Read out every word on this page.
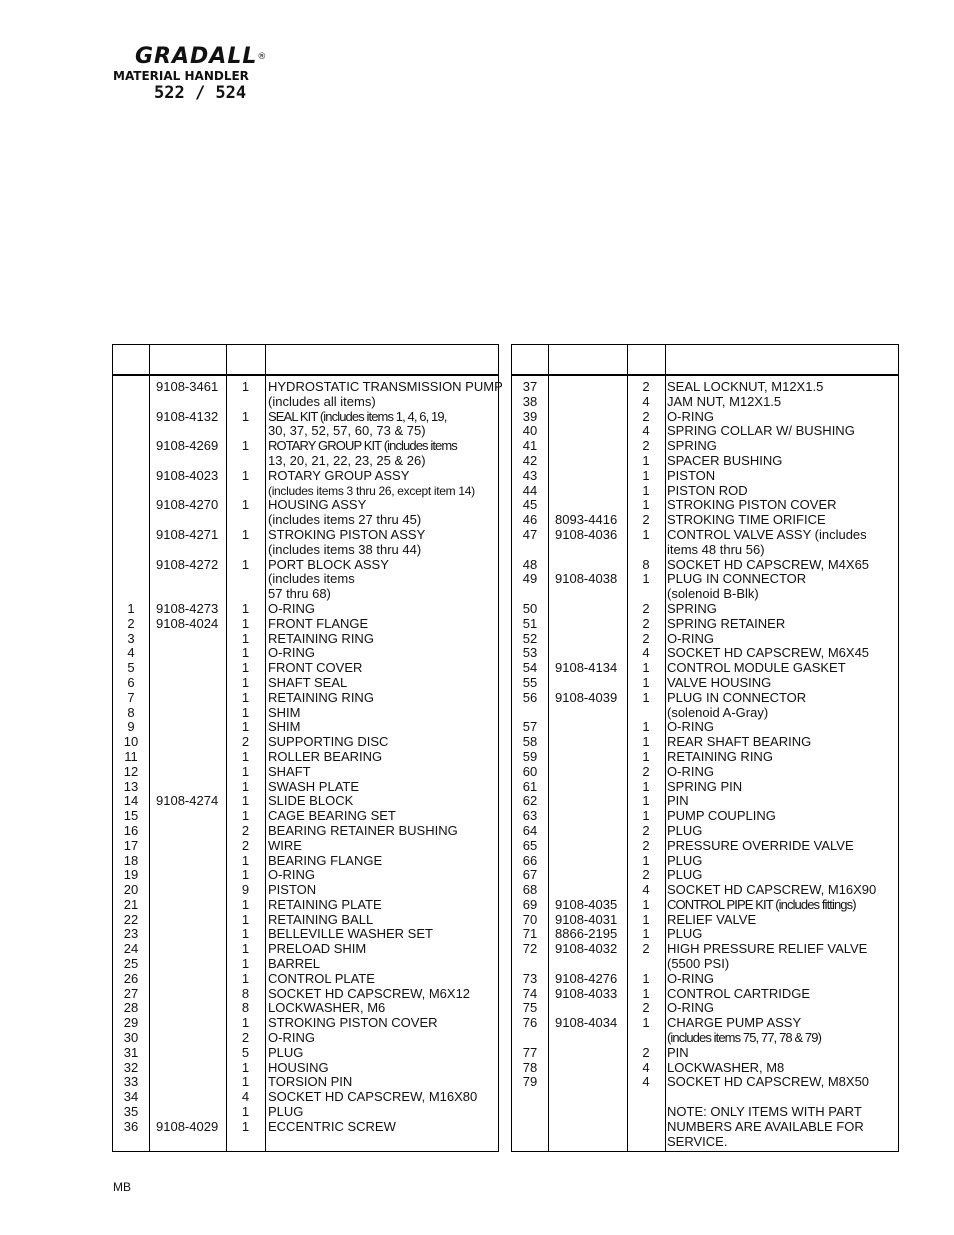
GRADALL®
MATERIAL HANDLER
522 / 524
9108-3461	1	HYDROSTATIC TRANSMISSION PUMP
(includes all items)
9108-4132	1	SEAL KIT (includes items 1, 4, 6, 19,
30, 37, 52, 57, 60, 73 & 75)
9108-4269	1	ROTARY GROUP KIT (includes items
13, 20, 21, 22, 23, 25 & 26)
9108-4023	1	ROTARY GROUP ASSY
(includes items 3 thru 26, except item 14)
9108-4270	1	HOUSING ASSY
(includes items 27 thru 45)
9108-4271	1	STROKING PISTON ASSY
(includes items 38 thru 44)
9108-4272	1	PORT BLOCK ASSY
(includes items
57 thru 68)
1	9108-4273	1	O-RING
2	9108-4024	1	FRONT FLANGE
3	1	RETAINING RING
4	1	O-RING
5	1	FRONT COVER
6	1	SHAFT SEAL
7	1	RETAINING RING
8	1	SHIM
9	1	SHIM
10	2	SUPPORTING DISC
11	1	ROLLER BEARING
12	1	SHAFT
13	1	SWASH PLATE
14	9108-4274	1	SLIDE BLOCK
15	1	CAGE BEARING SET
16	2	BEARING RETAINER BUSHING
17	2	WIRE
18	1	BEARING FLANGE
19	1	O-RING
20	9	PISTON
21	1	RETAINING PLATE
22	1	RETAINING BALL
23	1	BELLEVILLE WASHER SET
24	1	PRELOAD SHIM
25	1	BARREL
26	1	CONTROL PLATE
27	8	SOCKET HD CAPSCREW, M6X12
28	8	LOCKWASHER, M6
29	1	STROKING PISTON COVER
30	2	O-RING
31	5	PLUG
32	1	HOUSING
33	1	TORSION PIN
34	4	SOCKET HD CAPSCREW, M16X80
35	1	PLUG
36	9108-4029	1	ECCENTRIC SCREW
37	2	SEAL LOCKNUT, M12X1.5
38	4	JAM NUT, M12X1.5
39	2	O-RING
40	4	SPRING COLLAR W/ BUSHING
41	2	SPRING
42	1	SPACER BUSHING
43	1	PISTON
44	1	PISTON ROD
45	1	STROKING PISTON COVER
46	8093-4416	2	STROKING TIME ORIFICE
47	9108-4036	1	CONTROL VALVE ASSY (includes
items 48 thru 56)
48	8	SOCKET HD CAPSCREW, M4X65
49	9108-4038	1	PLUG IN CONNECTOR
(solenoid B-Blk)
50	2	SPRING
51	2	SPRING RETAINER
52	2	O-RING
53	4	SOCKET HD CAPSCREW, M6X45
54	9108-4134	1	CONTROL MODULE GASKET
55	1	VALVE HOUSING
56	9108-4039	1	PLUG IN CONNECTOR
(solenoid A-Gray)
57	1	O-RING
58	1	REAR SHAFT BEARING
59	1	RETAINING RING
60	2	O-RING
61	1	SPRING PIN
62	1	PIN
63	1	PUMP COUPLING
64	2	PLUG
65	2	PRESSURE OVERRIDE VALVE
66	1	PLUG
67	2	PLUG
68	4	SOCKET HD CAPSCREW, M16X90
69	9108-4035	1	CONTROL PIPE KIT (includes fittings)
70	9108-4031	1	RELIEF VALVE
71	8866-2195	1	PLUG
72	9108-4032	2	HIGH PRESSURE RELIEF VALVE
(5500 PSI)
73	9108-4276	1	O-RING
74	9108-4033	1	CONTROL CARTRIDGE
75	2	O-RING
76	9108-4034	1	CHARGE PUMP ASSY
(includes items 75, 77, 78 & 79)
77	2	PIN
78	4	LOCKWASHER, M8
79	4	SOCKET HD CAPSCREW, M8X50
NOTE: ONLY ITEMS WITH PART
NUMBERS ARE AVAILABLE FOR
SERVICE.
MB
